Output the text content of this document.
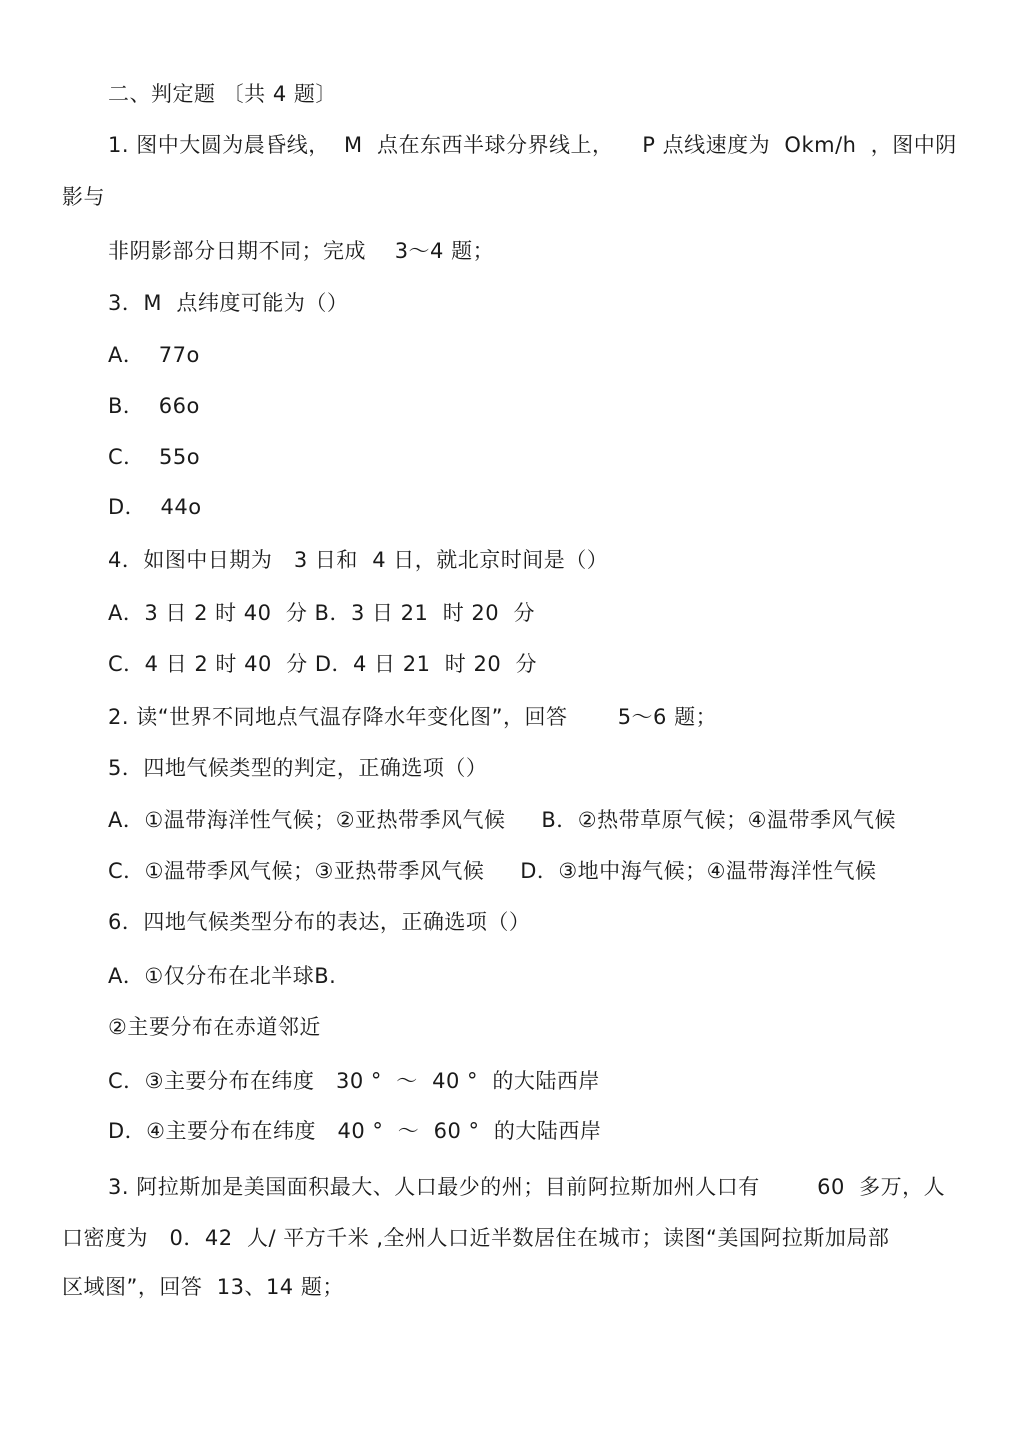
二、判定题 〔共 4 题〕
1. 图中大圆为晨昏线，  M  点在东西半球分界线上，    P 点线速度为  Okm/h  ，图中阴
影与
非阴影部分日期不同；完成    3～4 题；
3．M  点纬度可能为（）
A．  77o
B．  66o
C．  55o
D．  44o
4．如图中日期为   3 日和  4 日，就北京时间是（）
A．3 日 2 时 40  分 B．3 日 21  时 20  分
C．4 日 2 时 40  分 D．4 日 21  时 20  分
2. 读“世界不同地点气温存降水年变化图”，回答       5～6 题；
5．四地气候类型的判定，正确选项（）
A．①温带海洋性气候；②亚热带季风气候     B．②热带草原气候；④温带季风气候
C．①温带季风气候；③亚热带季风气候     D．③地中海气候；④温带海洋性气候
6．四地气候类型分布的表达，正确选项（）
A．①仅分布在北半球B.
②主要分布在赤道邻近
C．③主要分布在纬度   30 °  ～  40 °  的大陆西岸
D．④主要分布在纬度   40 °  ～  60 °  的大陆西岸
3. 阿拉斯加是美国面积最大、人口最少的州；目前阿拉斯加州人口有        60  多万，人
口密度为   0．42  人/ 平方千米 ,全州人口近半数居住在城市；读图“美国阿拉斯加局部
区域图”，回答  13、14 题；
